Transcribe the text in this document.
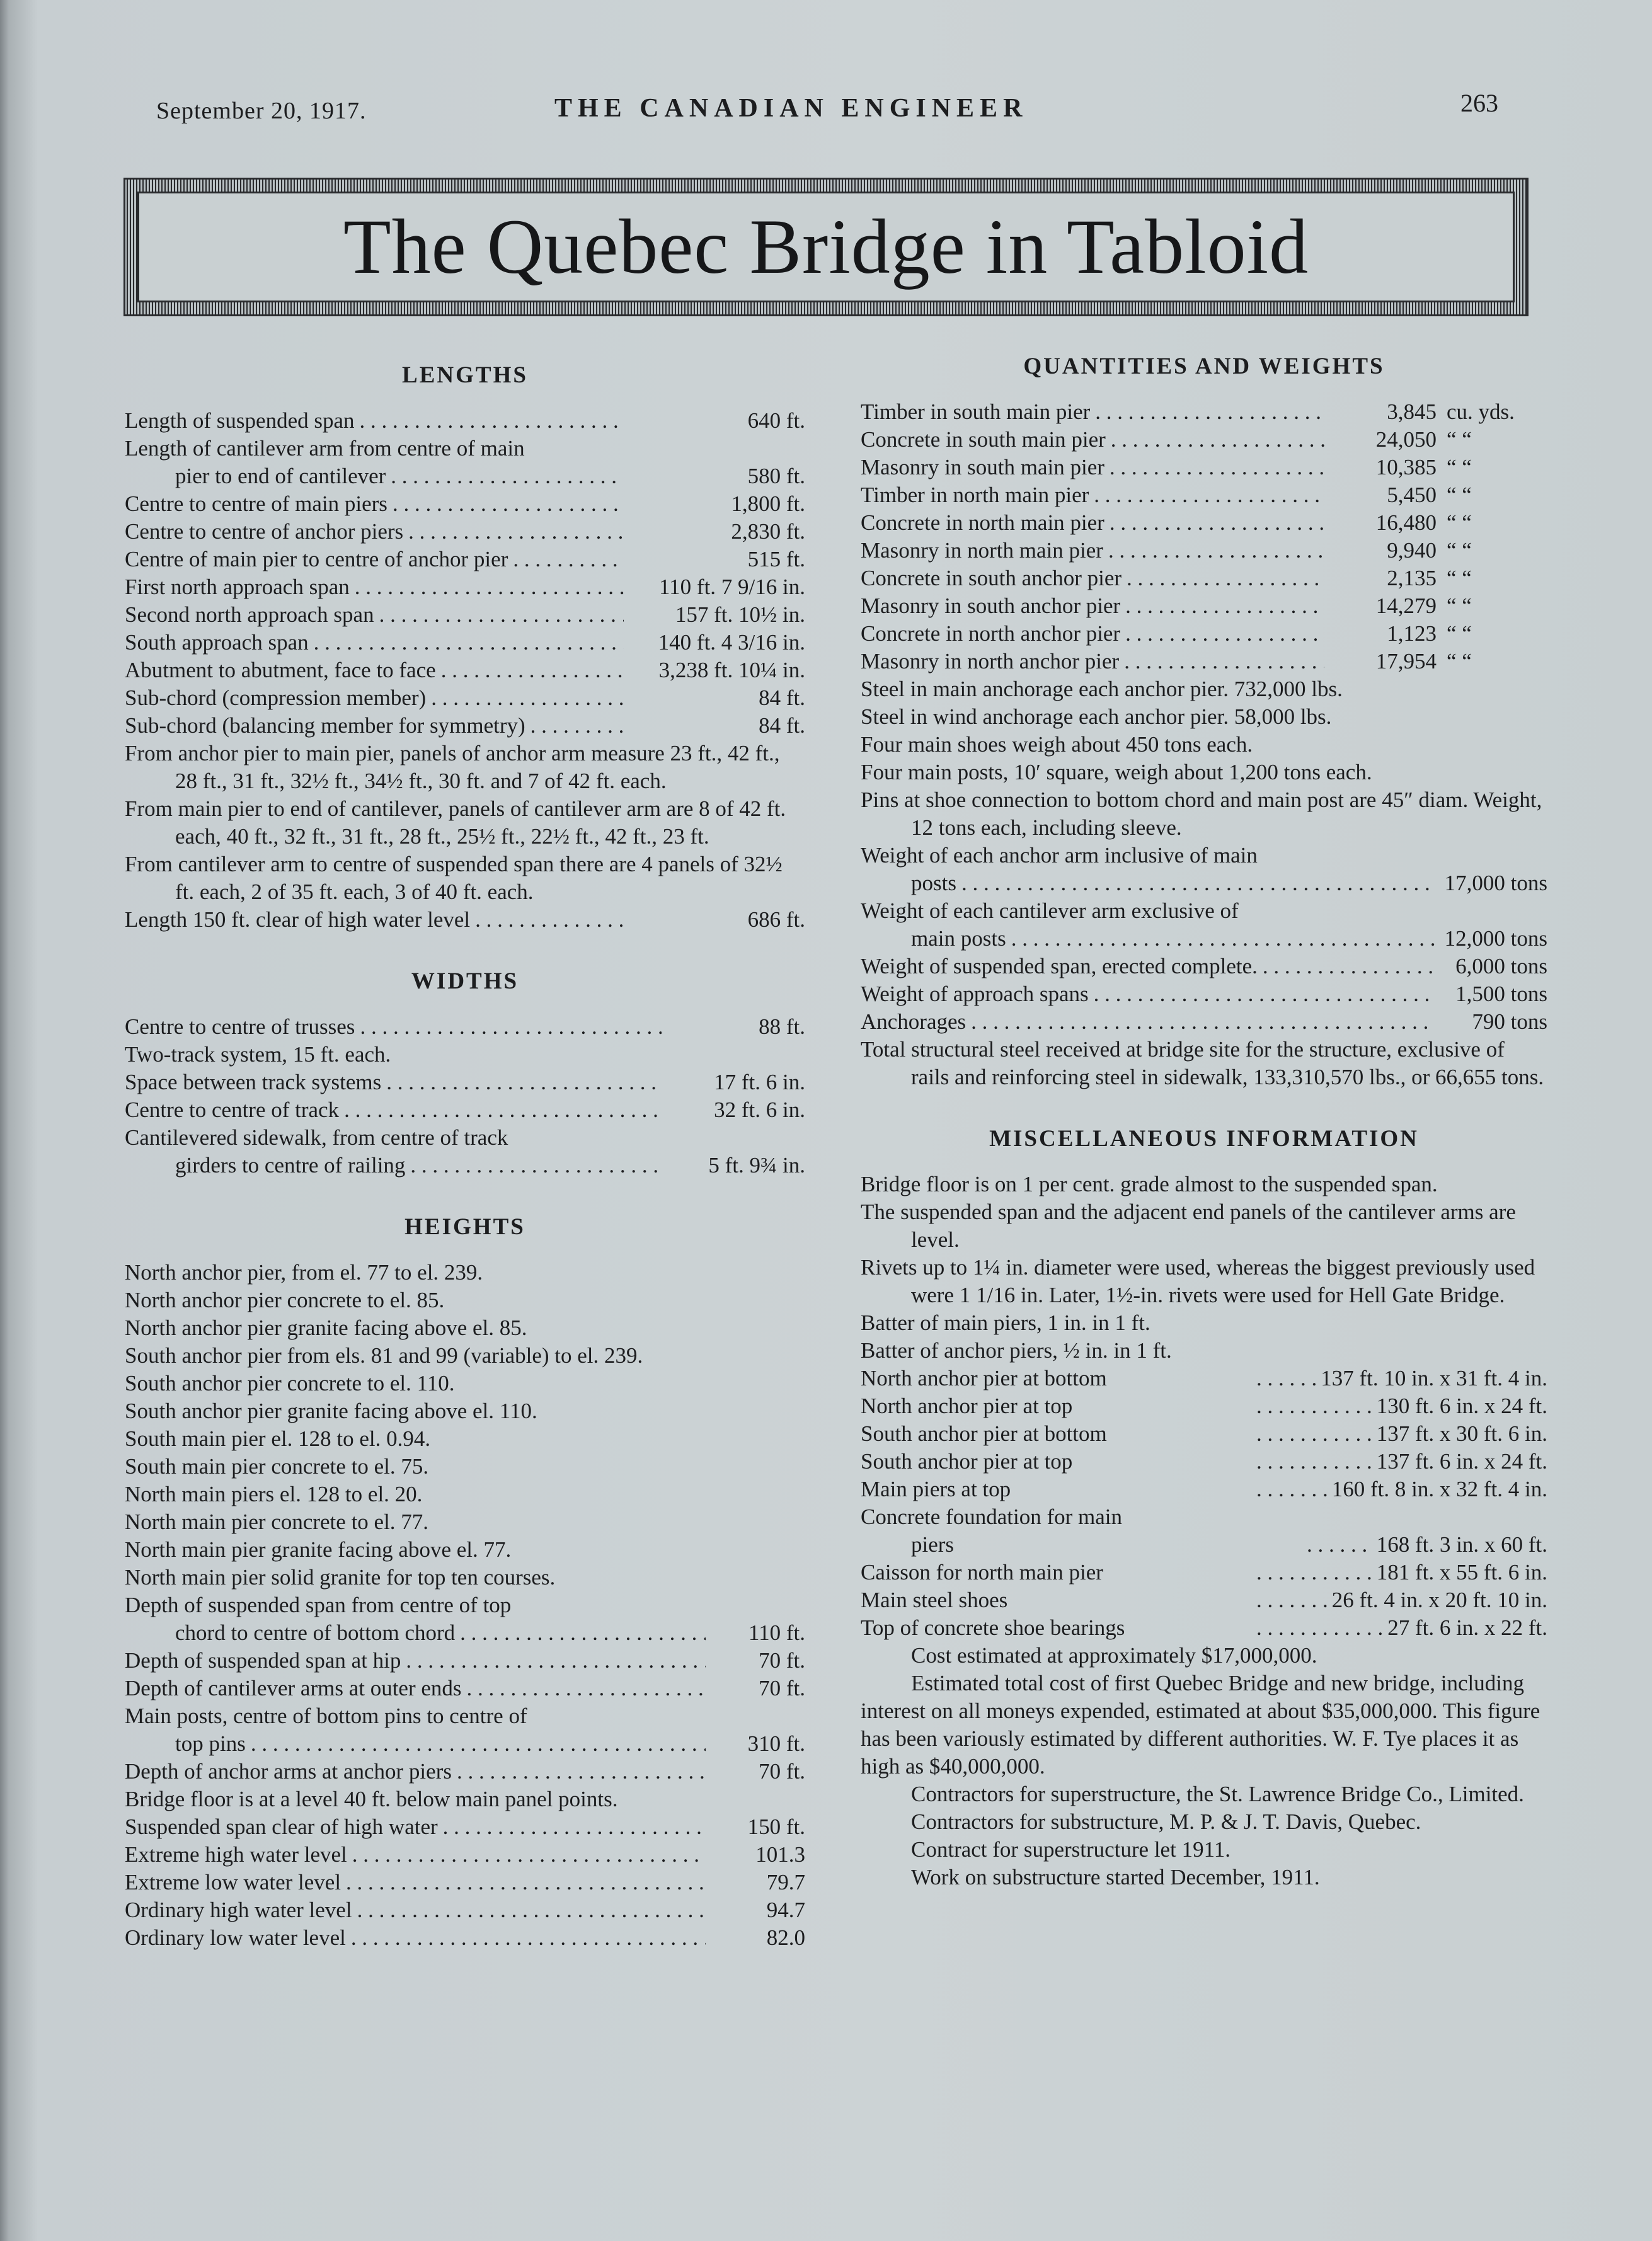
September 20, 1917.	THE CANADIAN ENGINEER	263
The Quebec Bridge in Tabloid
LENGTHS
Length of suspended span . . .	640 ft.
Length of cantilever arm from centre of main
pier to end of cantilever . . .	580 ft.
Centre to centre of main piers . . .	1,800 ft.
Centre to centre of anchor piers . . .	2,830 ft.
Centre of main pier to centre of anchor pier . . .	515 ft.
First north approach span . . .	110 ft. 7 9/16 in.
Second north approach span . . .	157 ft. 10½ in.
South approach span . . .	140 ft. 4 3/16 in.
Abutment to abutment, face to face . . .	3,238 ft. 10¼ in.
Sub-chord (compression member) . . .	84 ft.
Sub-chord (balancing member for symmetry) . . .	84 ft.
From anchor pier to main pier, panels of anchor arm measure 23 ft., 42 ft., 28 ft., 31 ft., 32½ ft., 34½ ft., 30 ft. and 7 of 42 ft. each.
From main pier to end of cantilever, panels of cantilever arm are 8 of 42 ft. each, 40 ft., 32 ft., 31 ft., 28 ft., 25½ ft., 22½ ft., 42 ft., 23 ft.
From cantilever arm to centre of suspended span there are 4 panels of 32½ ft. each, 2 of 35 ft. each, 3 of 40 ft. each.
Length 150 ft. clear of high water level . . .	686 ft.
WIDTHS
Centre to centre of trusses . . .	88 ft.
Two-track system, 15 ft. each.
Space between track systems . . .	17 ft. 6 in.
Centre to centre of track . . .	32 ft. 6 in.
Cantilevered sidewalk, from centre of track
girders to centre of railing . . .	5 ft. 9¾ in.
HEIGHTS
North anchor pier, from el. 77 to el. 239.
North anchor pier concrete to el. 85.
North anchor pier granite facing above el. 85.
South anchor pier from els. 81 and 99 (variable) to el. 239.
South anchor pier concrete to el. 110.
South anchor pier granite facing above el. 110.
South main pier el. 128 to el. 0.94.
South main pier concrete to el. 75.
North main piers el. 128 to el. 20.
North main pier concrete to el. 77.
North main pier granite facing above el. 77.
North main pier solid granite for top ten courses.
Depth of suspended span from centre of top
chord to centre of bottom chord . . .	110 ft.
Depth of suspended span at hip . . .	70 ft.
Depth of cantilever arms at outer ends . . .	70 ft.
Main posts, centre of bottom pins to centre of
top pins . . .	310 ft.
Depth of anchor arms at anchor piers . . .	70 ft.
Bridge floor is at a level 40 ft. below main panel points.
Suspended span clear of high water . . .	150 ft.
Extreme high water level . . .	101.3
Extreme low water level . . .	79.7
Ordinary high water level . . .	94.7
Ordinary low water level . . .	82.0
QUANTITIES AND WEIGHTS
Timber in south main pier . . .	3,845 cu. yds.
Concrete in south main pier . . .	24,050 “ “
Masonry in south main pier . . .	10,385 “ “
Timber in north main pier . . .	5,450 “ “
Concrete in north main pier . . .	16,480 “ “
Masonry in north main pier . . .	9,940 “ “
Concrete in south anchor pier . . .	2,135 “ “
Masonry in south anchor pier . . .	14,279 “ “
Concrete in north anchor pier . . .	1,123 “ “
Masonry in north anchor pier . . .	17,954 “ “
Steel in main anchorage each anchor pier. 732,000 lbs.
Steel in wind anchorage each anchor pier. 58,000 lbs.
Four main shoes weigh about 450 tons each.
Four main posts, 10′ square, weigh about 1,200 tons each.
Pins at shoe connection to bottom chord and main post are 45″ diam. Weight, 12 tons each, including sleeve.
Weight of each anchor arm inclusive of main
posts . . .	17,000 tons
Weight of each cantilever arm exclusive of
main posts . . .	12,000 tons
Weight of suspended span, erected complete. . . .	6,000 tons
Weight of approach spans . . .	1,500 tons
Anchorages . . .	790 tons
Total structural steel received at bridge site for the structure, exclusive of rails and reinforcing steel in sidewalk, 133,310,570 lbs., or 66,655 tons.
MISCELLANEOUS INFORMATION
Bridge floor is on 1 per cent. grade almost to the suspended span.
The suspended span and the adjacent end panels of the cantilever arms are level.
Rivets up to 1¼ in. diameter were used, whereas the biggest previously used were 1 1/16 in. Later, 1½-in. rivets were used for Hell Gate Bridge.
Batter of main piers, 1 in. in 1 ft.
Batter of anchor piers, ½ in. in 1 ft.
North anchor pier at bottom . . .	137 ft. 10 in. x 31 ft. 4 in.
North anchor pier at top . . .	130 ft. 6 in. x 24 ft.
South anchor pier at bottom . . .	137 ft. x 30 ft. 6 in.
South anchor pier at top . . .	137 ft. 6 in. x 24 ft.
Main piers at top . . .	160 ft. 8 in. x 32 ft. 4 in.
Concrete foundation for main
piers . . .	168 ft. 3 in. x 60 ft.
Caisson for north main pier . . .	181 ft. x 55 ft. 6 in.
Main steel shoes . . .	26 ft. 4 in. x 20 ft. 10 in.
Top of concrete shoe bearings . . .	27 ft. 6 in. x 22 ft.
Cost estimated at approximately $17,000,000.
Estimated total cost of first Quebec Bridge and new bridge, including interest on all moneys expended, estimated at about $35,000,000. This figure has been variously estimated by different authorities. W. F. Tye places it as high as $40,000,000.
Contractors for superstructure, the St. Lawrence Bridge Co., Limited.
Contractors for substructure, M. P. & J. T. Davis, Quebec.
Contract for superstructure let 1911.
Work on substructure started December, 1911.
